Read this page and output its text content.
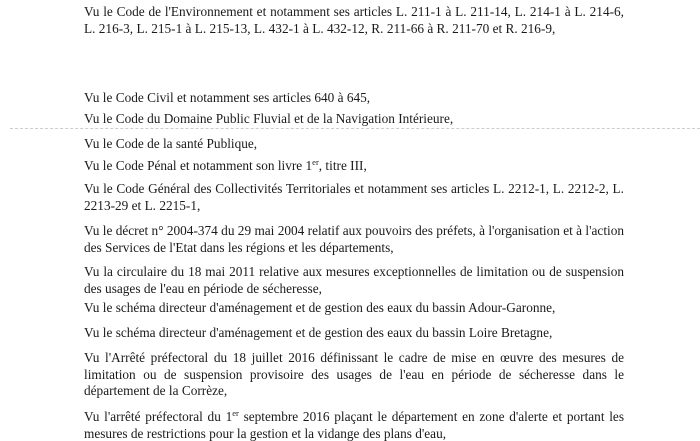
Vu le Code de l'Environnement et notamment ses articles L. 211-1 à L. 211-14, L. 214-1 à L. 214-6, L. 216-3, L. 215-1 à L. 215-13, L. 432-1 à L. 432-12, R. 211-66 à R. 211-70 et R. 216-9,

Vu le Code Civil et notamment ses articles 640 à 645,

Vu le Code du Domaine Public Fluvial et de la Navigation Intérieure,

Vu le Code de la santé Publique,

Vu le Code Pénal et notamment son livre 1er, titre III,

Vu le Code Général des Collectivités Territoriales et notamment ses articles L. 2212-1, L. 2212-2, L. 2213-29 et L. 2215-1,

Vu le décret n° 2004-374 du 29 mai 2004 relatif aux pouvoirs des préfets, à l'organisation et à l'action des Services de l'Etat dans les régions et les départements,

Vu la circulaire du 18 mai 2011 relative aux mesures exceptionnelles de limitation ou de suspension des usages de l'eau en période de sécheresse,

Vu le schéma directeur d'aménagement et de gestion des eaux du bassin Adour-Garonne,

Vu le schéma directeur d'aménagement et de gestion des eaux du bassin Loire Bretagne,

Vu l'Arrêté préfectoral du 18 juillet 2016 définissant le cadre de mise en œuvre des mesures de limitation ou de suspension provisoire des usages de l'eau en période de sécheresse dans le département de la Corrèze,

Vu l'arrêté préfectoral du 1er septembre 2016 plaçant le département en zone d'alerte et portant les mesures de restrictions pour la gestion et la vidange des plans d'eau,
